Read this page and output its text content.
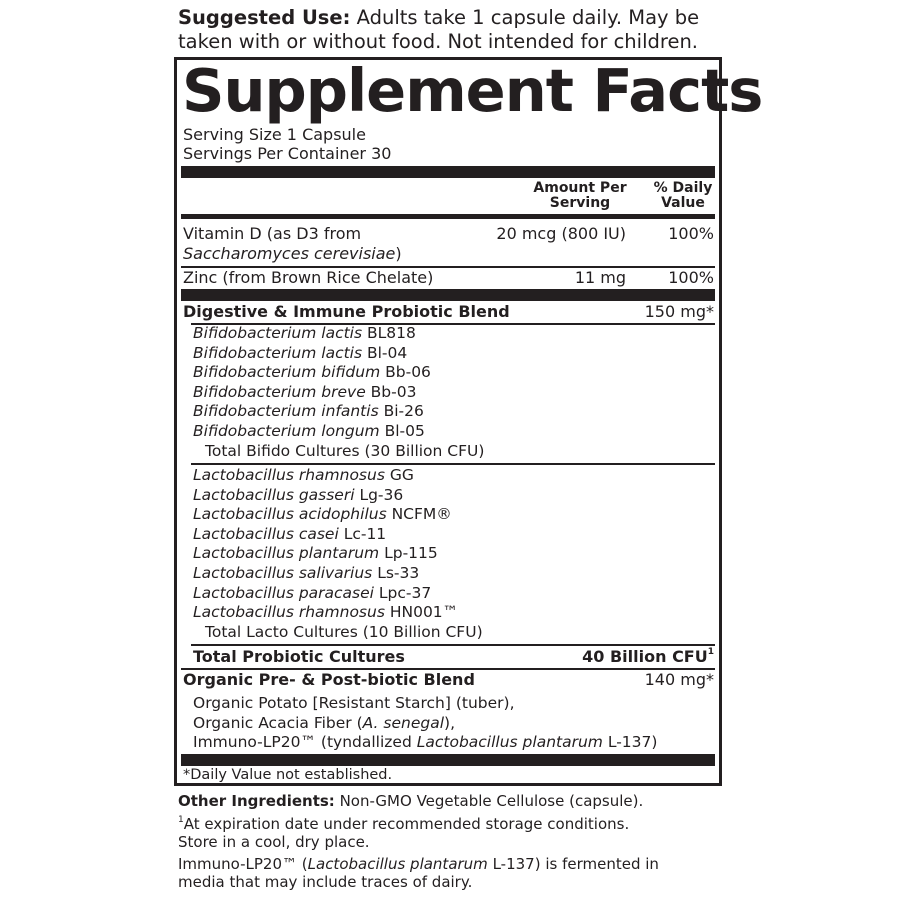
Suggested Use: Adults take 1 capsule daily. May be taken with or without food. Not intended for children.
Supplement Facts
Serving Size 1 Capsule
Servings Per Container 30
Amount Per Serving
% Daily Value
Vitamin D (as D3 from
Saccharomyces cerevisiae)
20 mcg (800 IU)	100%
Zinc (from Brown Rice Chelate)	11 mg	100%
Digestive & Immune Probiotic Blend	150 mg*
Bifidobacterium lactis BL818
Bifidobacterium lactis Bl-04
Bifidobacterium bifidum Bb-06
Bifidobacterium breve Bb-03
Bifidobacterium infantis Bi-26
Bifidobacterium longum Bl-05
Total Bifido Cultures (30 Billion CFU)
Lactobacillus rhamnosus GG
Lactobacillus gasseri Lg-36
Lactobacillus acidophilus NCFM®
Lactobacillus casei Lc-11
Lactobacillus plantarum Lp-115
Lactobacillus salivarius Ls-33
Lactobacillus paracasei Lpc-37
Lactobacillus rhamnosus HN001™
Total Lacto Cultures (10 Billion CFU)
Total Probiotic Cultures	40 Billion CFU$^1$
Organic Pre- & Post-biotic Blend	140 mg*
Organic Potato [Resistant Starch] (tuber),
Organic Acacia Fiber (A. senegal),
Immuno-LP20™ (tyndallized Lactobacillus plantarum L-137)
*Daily Value not established.
Other Ingredients: Non-GMO Vegetable Cellulose (capsule).
$^1$At expiration date under recommended storage conditions.
Store in a cool, dry place.
Immuno-LP20™ (Lactobacillus plantarum L-137) is fermented in media that may include traces of dairy.
